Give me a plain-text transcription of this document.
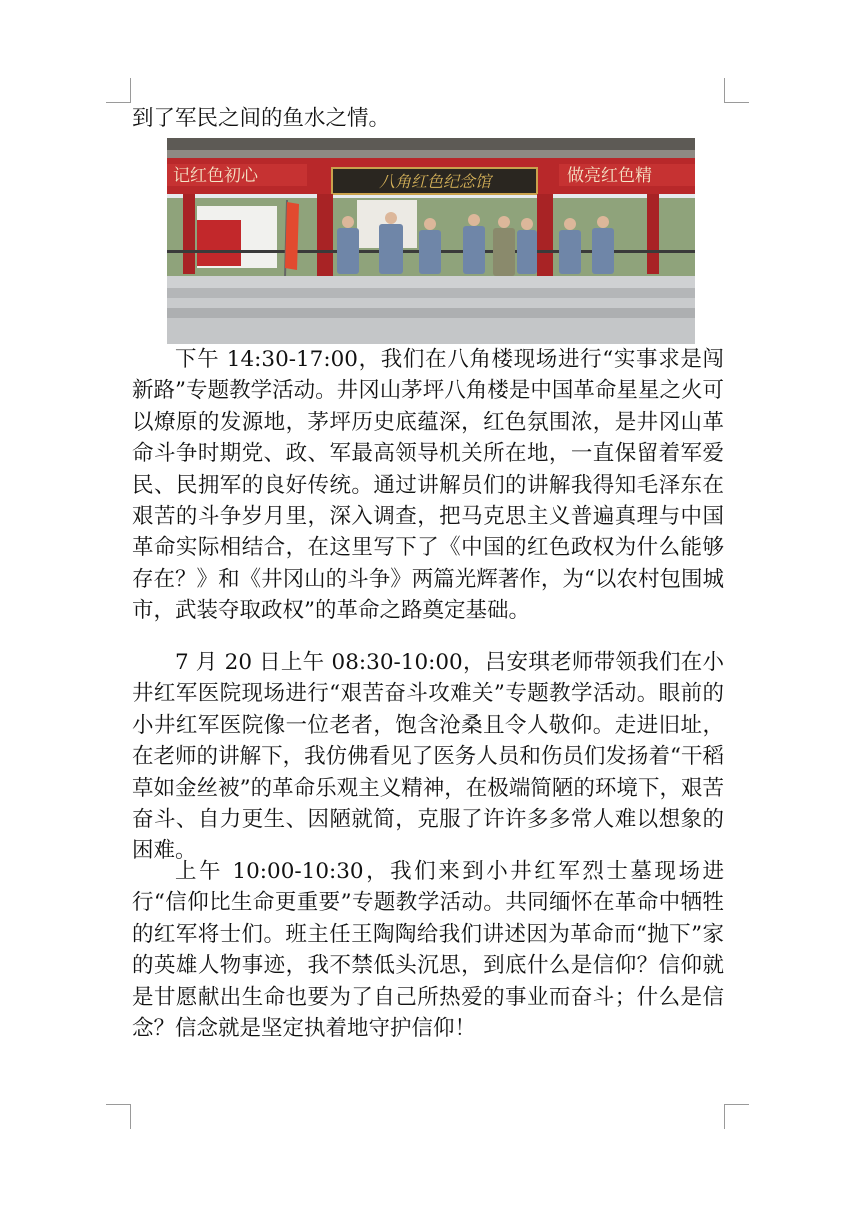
到了军民之间的鱼水之情。
记红色初心	做亮红色精
八角红色纪念馆
下午 14:30-17:00，我们在八角楼现场进行“实事求是闯新路”专题教学活动。井冈山茅坪八角楼是中国革命星星之火可以燎原的发源地，茅坪历史底蕴深，红色氛围浓，是井冈山革命斗争时期党、政、军最高领导机关所在地，一直保留着军爱民、民拥军的良好传统。通过讲解员们的讲解我得知毛泽东在艰苦的斗争岁月里，深入调查，把马克思主义普遍真理与中国革命实际相结合，在这里写下了《中国的红色政权为什么能够存在？》和《井冈山的斗争》两篇光辉著作，为“以农村包围城市，武装夺取政权”的革命之路奠定基础。
7 月 20 日上午 08:30-10:00，吕安琪老师带领我们在小井红军医院现场进行“艰苦奋斗攻难关”专题教学活动。眼前的小井红军医院像一位老者，饱含沧桑且令人敬仰。走进旧址，在老师的讲解下，我仿佛看见了医务人员和伤员们发扬着“干稻草如金丝被”的革命乐观主义精神，在极端简陋的环境下，艰苦奋斗、自力更生、因陋就简，克服了许许多多常人难以想象的困难。
上午 10:00-10:30，我们来到小井红军烈士墓现场进行“信仰比生命更重要”专题教学活动。共同缅怀在革命中牺牲的红军将士们。班主任王陶陶给我们讲述因为革命而“抛下”家的英雄人物事迹，我不禁低头沉思，到底什么是信仰？信仰就是甘愿献出生命也要为了自己所热爱的事业而奋斗；什么是信念？信念就是坚定执着地守护信仰！
